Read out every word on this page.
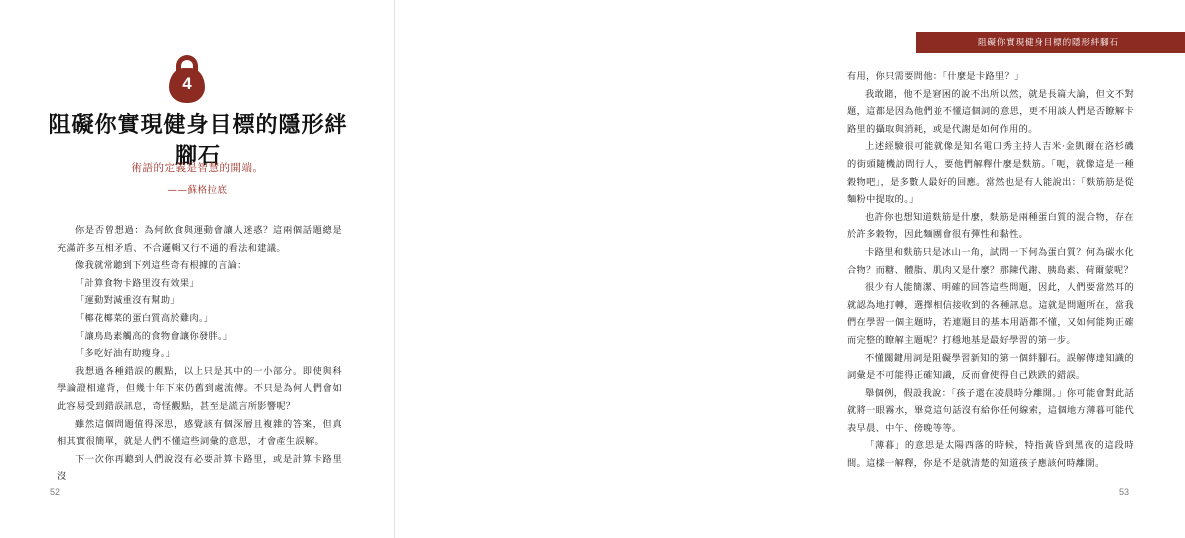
4
阻礙你實現健身目標的隱形絆腳石
術語的定義是智慧的開端。
——蘇格拉底

你是否曾想過：為何飲食與運動會讓人迷惑？這兩個話題總是充滿許多互相矛盾、不合邏輯又行不通的看法和建議。

像我就常聽到下列這些奇有根據的言論：

「計算食物卡路里沒有效果」

「運動對減重沒有幫助」

「椰花椰菜的蛋白質高於雞肉。」

「讓鳥島素觸高的食物會讓你發胖。」

「多吃好油有助瘦身。」

我想過各種錯誤的觀點，以上只是其中的一小部分。即使與科學論證相違背，但幾十年下來仍舊到處流傳。不只是為何人們會如此容易受到錯誤訊息，奇怪觀點，甚至是謊言所影響呢？

雖然這個問題值得深思，感覺該有個深層且複雜的答案，但真相其實很簡單，就是人們不懂這些詞彙的意思，才會產生誤解。

下一次你再聽到人們說沒有必要計算卡路里，或是計算卡路里沒

52
阻礙你實現健身目標的隱形絆腳石

有用，你只需要問他：「什麼是卡路里？」

我敢賭，他不是窘困的說不出所以然，就是長篇大論，但文不對題，這都是因為他們並不懂這個詞的意思，更不用談人們是否瞭解卡路里的攝取與消耗，或是代謝是如何作用的。

上述經驗很可能就像是知名電口秀主持人吉米‧金凱爾在洛杉磯的街頭隨機訪問行人，要他們解釋什麼是麩筋。「呃，就像這是一種穀物吧」，是多數人最好的回應。當然也是有人能說出：「麩筋筋是從麵粉中提取的。」

也許你也想知道麩筋是什麼，麩筋是兩種蛋白質的混合物，存在於許多穀物，因此麵團會很有彈性和黏性。

卡路里和麩筋只是冰山一角，試問一下何為蛋白質？何為碳水化合物？而糖、體脂、肌肉又是什麼？那陳代謝、胰島素、荷爾蒙呢？

很少有人能簡潔、明確的回答這些問題，因此，人們要當然耳的就認為地打轉，選擇相信接收到的各種訊息。這就是問題所在，當我們在學習一個主題時，若連題目的基本用語都不懂，又如何能夠正確而完整的瞭解主題呢？打穩地基是最好學習的第一步。

不懂關鍵用詞是阻礙學習新知的第一個絆腳石。誤解傳達知識的詞彙是不可能得正確知識，反而會使得自己跌跌的錯誤。

舉個例，假設我說：「孩子還在凌晨時分離開。」你可能會對此話就將一眼霧水，畢竟這句話沒有給你任何線索，這個地方薄暮可能代表早晨、中午、傍晚等等。

「薄暮」的意思是太陽西落的時候，特指黃昏到黑夜的這段時間。這樣一解釋，你是不是就清楚的知道孩子應該何時離開。

53
